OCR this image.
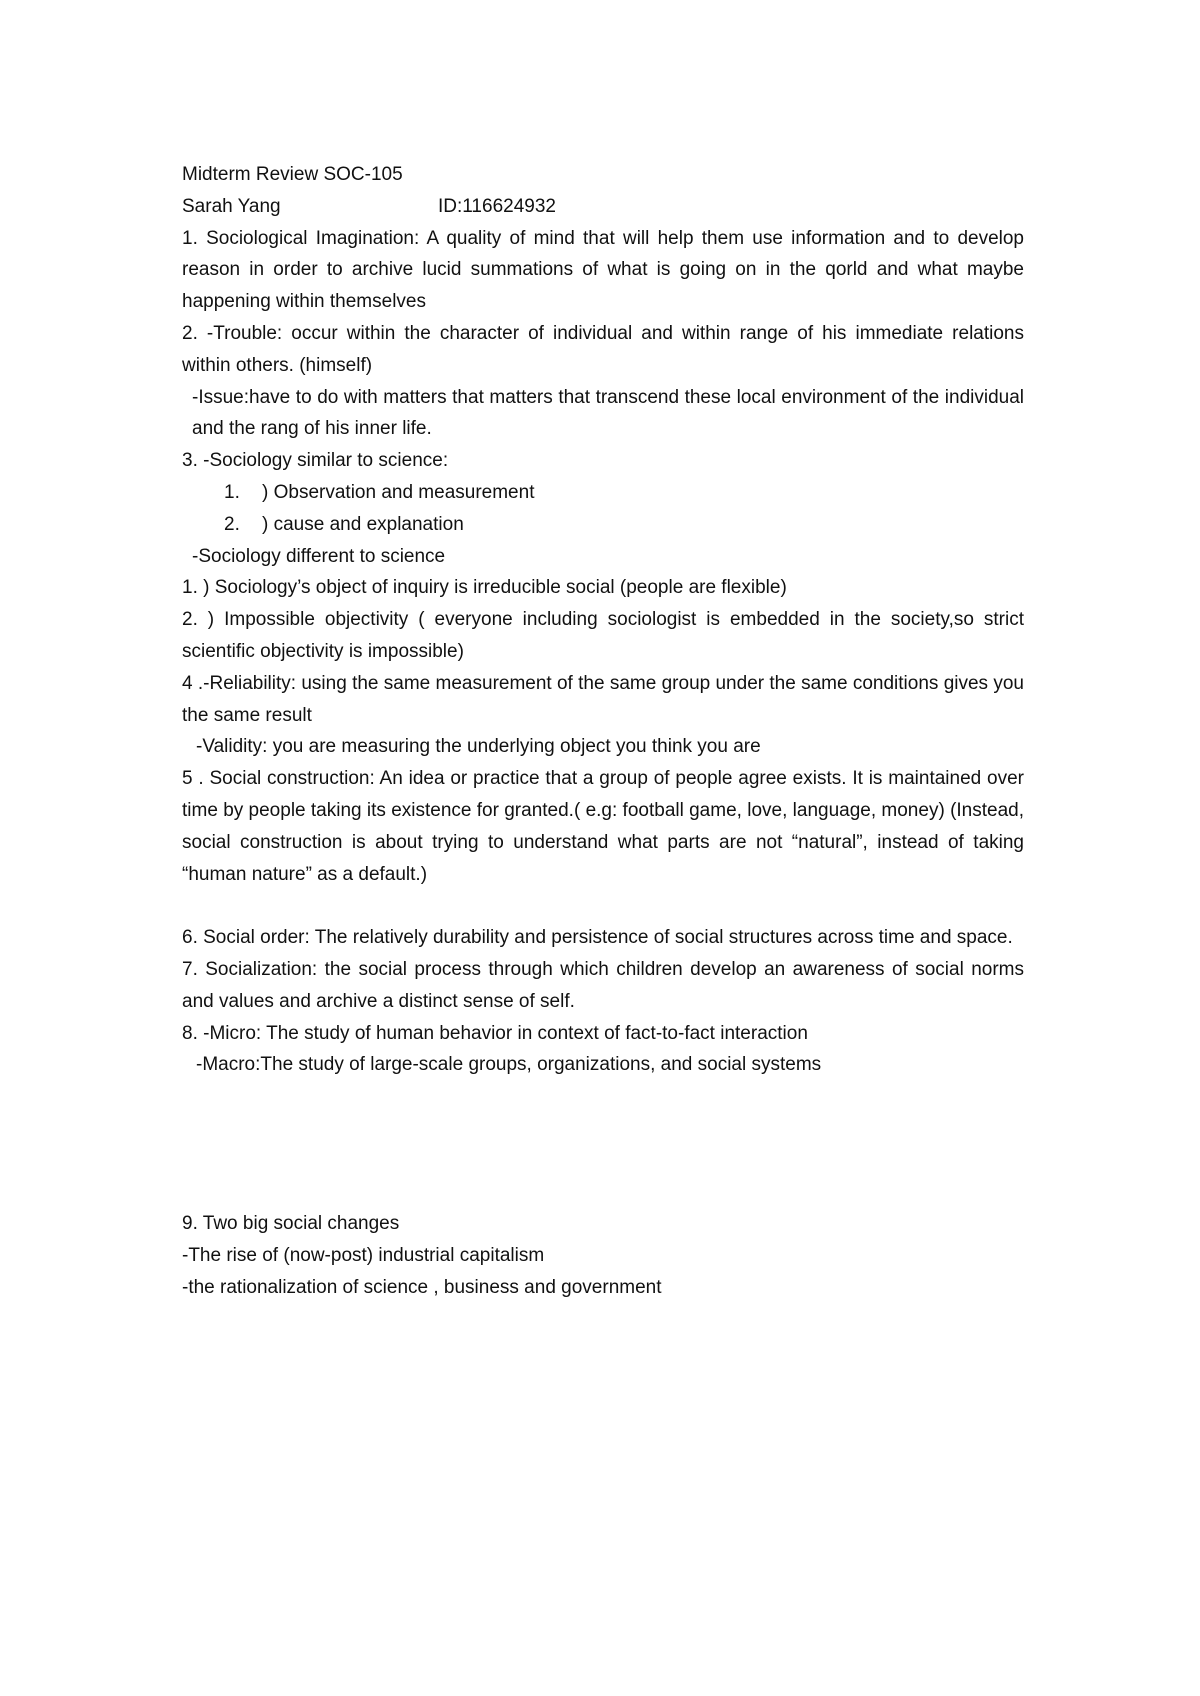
Midterm Review SOC-105

Sarah Yang	ID:116624932

1. Sociological Imagination: A quality of mind that will help them use information and to develop reason in order to archive lucid summations of what is going on in the qorld and what maybe happening within themselves

2. -Trouble: occur within the character of individual and within range of his immediate relations within others. (himself)

-Issue:have to do with matters that matters that transcend these local environment of the individual and the rang of his inner life.

3. -Sociology similar to science:

1. ) Observation and measurement
2. ) cause and explanation

-Sociology different to science

1. ) Sociology’s object of inquiry is irreducible social (people are flexible)

2. ) Impossible objectivity ( everyone including sociologist is embedded in the society,so strict scientific objectivity is impossible)

4 .-Reliability: using the same measurement of the same group under the same conditions gives you the same result

-Validity: you are measuring the underlying object you think you are

5 . Social construction: An idea or practice that a group of people agree exists. It is maintained over time by people taking its existence for granted.( e.g: football game, love, language, money) (Instead, social construction is about trying to understand what parts are not “natural”, instead of taking “human nature” as a default.)

6. Social order: The relatively durability and persistence of social structures across time and space.

7. Socialization: the social process through which children develop an awareness of social norms and values and archive a distinct sense of self.

8. -Micro: The study of human behavior in context of fact-to-fact interaction

-Macro:The study of large-scale groups, organizations, and social systems

9. Two big social changes

-The rise of (now-post) industrial capitalism

-the rationalization of science , business and government
